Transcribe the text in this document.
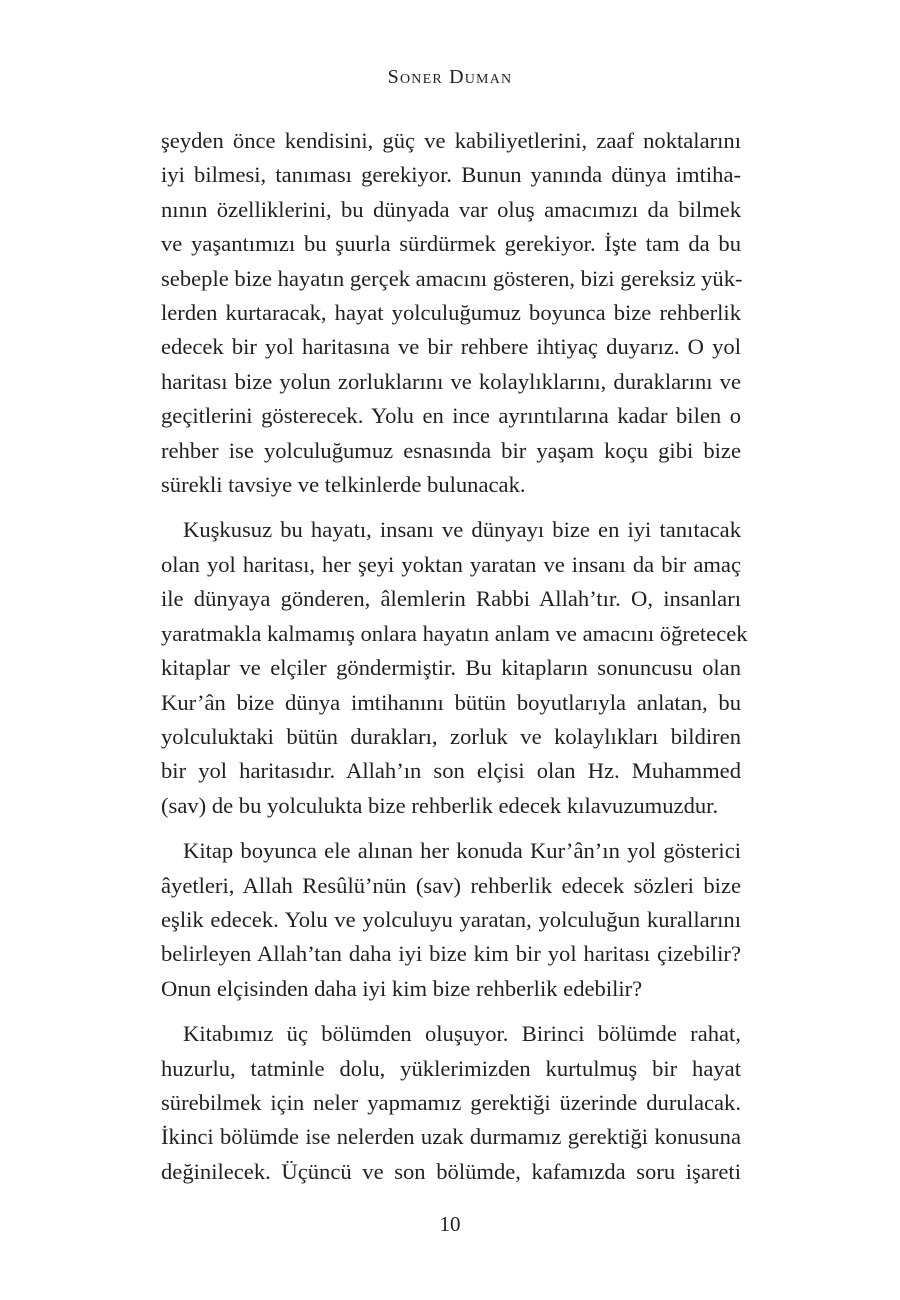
Soner Duman

şeyden önce kendisini, güç ve kabiliyetlerini, zaaf noktalarını
iyi bilmesi, tanıması gerekiyor. Bunun yanında dünya imtiha-
nının özelliklerini, bu dünyada var oluş amacımızı da bilmek
ve yaşantımızı bu şuurla sürdürmek gerekiyor. İşte tam da bu
sebeple bize hayatın gerçek amacını gösteren, bizi gereksiz yük-
lerden kurtaracak, hayat yolculuğumuz boyunca bize rehberlik
edecek bir yol haritasına ve bir rehbere ihtiyaç duyarız. O yol
haritası bize yolun zorluklarını ve kolaylıklarını, duraklarını ve
geçitlerini gösterecek. Yolu en ince ayrıntılarına kadar bilen o
rehber ise yolculuğumuz esnasında bir yaşam koçu gibi bize
sürekli tavsiye ve telkinlerde bulunacak.

Kuşkusuz bu hayatı, insanı ve dünyayı bize en iyi tanıtacak
olan yol haritası, her şeyi yoktan yaratan ve insanı da bir amaç
ile dünyaya gönderen, âlemlerin Rabbi Allah’tır. O, insanları
yaratmakla kalmamış onlara hayatın anlam ve amacını öğretecek
kitaplar ve elçiler göndermiştir. Bu kitapların sonuncusu olan
Kur’ân bize dünya imtihanını bütün boyutlarıyla anlatan, bu
yolculuktaki bütün durakları, zorluk ve kolaylıkları bildiren
bir yol haritasıdır. Allah’ın son elçisi olan Hz. Muhammed
(sav) de bu yolculukta bize rehberlik edecek kılavuzumuzdur.

Kitap boyunca ele alınan her konuda Kur’ân’ın yol gösterici
âyetleri, Allah Resûlü’nün (sav) rehberlik edecek sözleri bize
eşlik edecek. Yolu ve yolculuyu yaratan, yolculuğun kurallarını
belirleyen Allah’tan daha iyi bize kim bir yol haritası çizebilir?
Onun elçisinden daha iyi kim bize rehberlik edebilir?

Kitabımız üç bölümden oluşuyor. Birinci bölümde rahat,
huzurlu, tatminle dolu, yüklerimizden kurtulmuş bir hayat
sürebilmek için neler yapmamız gerektiği üzerinde durulacak.
İkinci bölümde ise nelerden uzak durmamız gerektiği konusuna
değinilecek. Üçüncü ve son bölümde, kafamızda soru işareti

10
